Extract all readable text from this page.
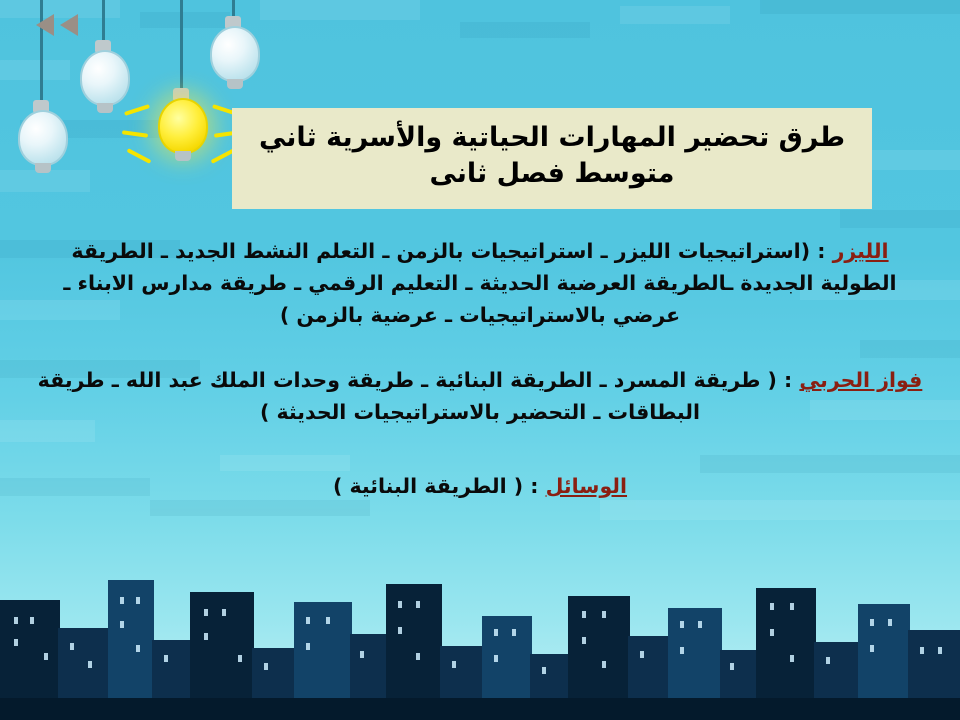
طرق تحضير المهارات الحياتية والأسرية ثاني
متوسط فصل ثانى
الليزر : (استراتيجيات الليزر ـ استراتيجيات بالزمن ـ التعلم النشط الجديد ـ الطريقة الطولية الجديدة ـالطريقة العرضية الحديثة ـ التعليم الرقمي ـ طريقة مدارس الابناء ـ عرضي بالاستراتيجيات ـ عرضية بالزمن )
فواز الحربي : ( طريقة المسرد ـ الطريقة البنائية ـ طريقة وحدات الملك عبد الله ـ طريقة البطاقات ـ التحضير بالاستراتيجيات الحديثة )
الوسائل : ( الطريقة البنائية )
